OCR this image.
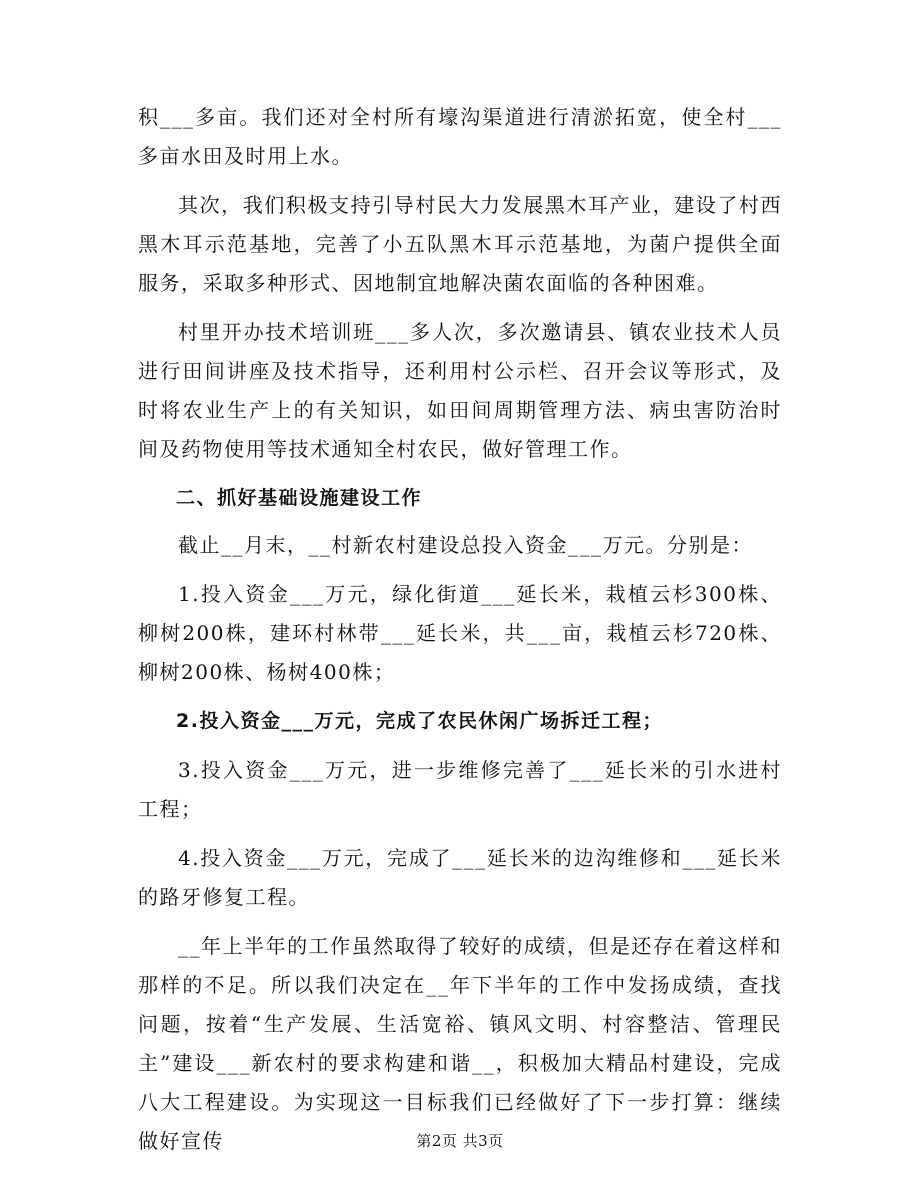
积___多亩。我们还对全村所有壕沟渠道进行清淤拓宽，使全村___多亩水田及时用上水。

其次，我们积极支持引导村民大力发展黑木耳产业，建设了村西黑木耳示范基地，完善了小五队黑木耳示范基地，为菌户提供全面服务，采取多种形式、因地制宜地解决菌农面临的各种困难。

村里开办技术培训班___多人次，多次邀请县、镇农业技术人员进行田间讲座及技术指导，还利用村公示栏、召开会议等形式，及时将农业生产上的有关知识，如田间周期管理方法、病虫害防治时间及药物使用等技术通知全村农民，做好管理工作。

二、抓好基础设施建设工作

截止__月末，__村新农村建设总投入资金___万元。分别是：

1.投入资金___万元，绿化街道___延长米，栽植云杉300株、柳树200株，建环村林带___延长米，共___亩，栽植云杉720株、柳树200株、杨树400株；

2.投入资金___万元，完成了农民休闲广场拆迁工程；

3.投入资金___万元，进一步维修完善了___延长米的引水进村工程；

4.投入资金___万元，完成了___延长米的边沟维修和___延长米的路牙修复工程。

__年上半年的工作虽然取得了较好的成绩，但是还存在着这样和那样的不足。所以我们决定在__年下半年的工作中发扬成绩，查找问题，按着“生产发展、生活宽裕、镇风文明、村容整洁、管理民主”建设___新农村的要求构建和谐__，积极加大精品村建设，完成八大工程建设。为实现这一目标我们已经做好了下一步打算：继续做好宣传	第2页 共3页
